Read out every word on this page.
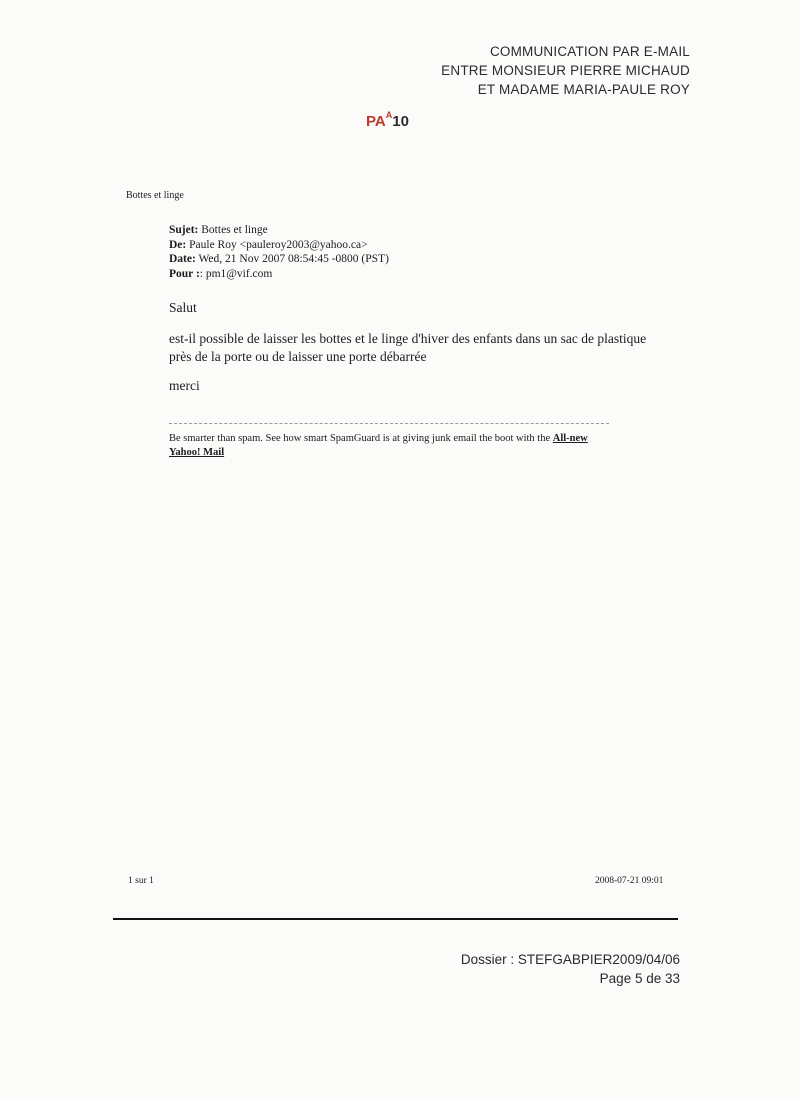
COMMUNICATION PAR E-MAIL
ENTRE MONSIEUR PIERRE MICHAUD
ET MADAME MARIA-PAULE ROY
$PA^A10$
Bottes et linge
Sujet: Bottes et linge
De: Paule Roy <pauleroy2003@yahoo.ca>
Date: Wed, 21 Nov 2007 08:54:45 -0800 (PST)
Pour :: pm1@vif.com
Salut
est-il possible de laisser les bottes et le linge d'hiver des enfants dans un sac de plastique
près de la porte ou de laisser une porte débarrée
merci
Be smarter than spam. See how smart SpamGuard is at giving junk email the boot with the All-new Yahoo! Mail
1 sur 1	2008-07-21 09:01
Dossier : STEFGABPIER2009/04/06
Page 5 de 33
